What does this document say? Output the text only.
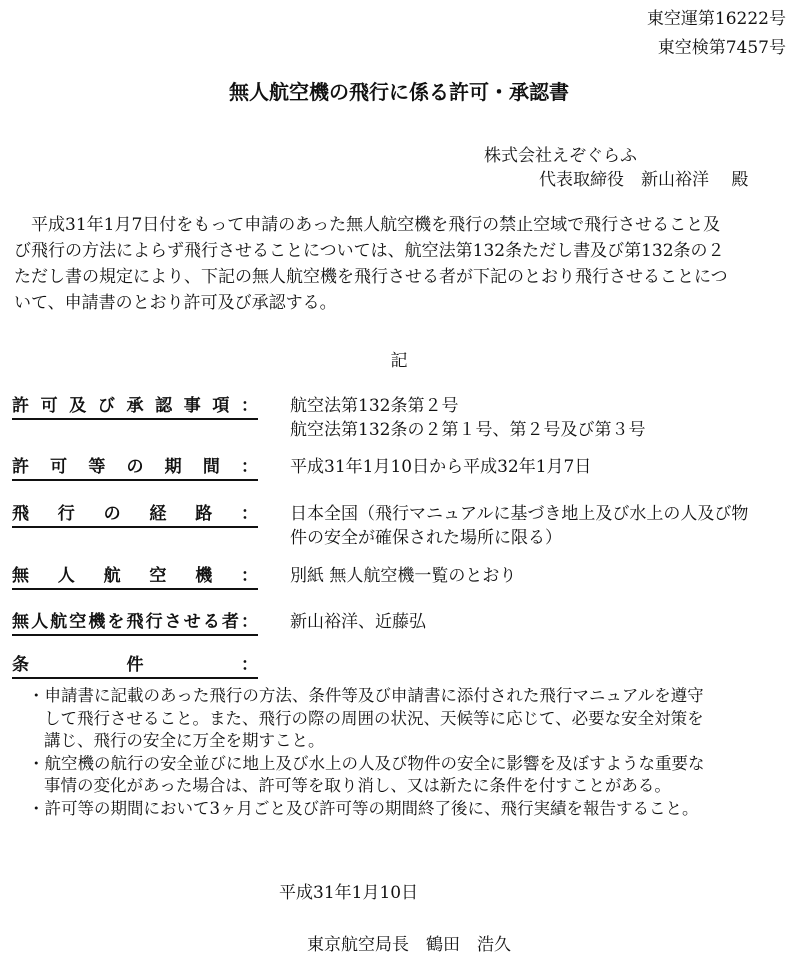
東空運第16222号
東空検第7457号
無人航空機の飛行に係る許可・承認書
株式会社えぞぐらふ
代表取締役　新山裕洋　 殿
　平成31年1月7日付をもって申請のあった無人航空機を飛行の禁止空域で飛行させること及
び飛行の方法によらず飛行させることについては、航空法第132条ただし書及び第132条の２
ただし書の規定により、下記の無人航空機を飛行させる者が下記のとおり飛行させることにつ
いて、申請書のとおり許可及び承認する。
記
許可及び承認事項： 航空法第132条第２号
航空法第132条の２第１号、第２号及び第３号
許可等の期間： 平成31年1月10日から平成32年1月7日
飛行の経路： 日本全国（飛行マニュアルに基づき地上及び水上の人及び物
件の安全が確保された場所に限る）
無人航空機： 別紙 無人航空機一覧のとおり
無人航空機を飛行させる者： 新山裕洋、近藤弘
条件：
・申請書に記載のあった飛行の方法、条件等及び申請書に添付された飛行マニュアルを遵守
して飛行させること。また、飛行の際の周囲の状況、天候等に応じて、必要な安全対策を
講じ、飛行の安全に万全を期すこと。
・航空機の航行の安全並びに地上及び水上の人及び物件の安全に影響を及ぼすような重要な
事情の変化があった場合は、許可等を取り消し、又は新たに条件を付すことがある。
・許可等の期間において3ヶ月ごと及び許可等の期間終了後に、飛行実績を報告すること。
平成31年1月10日
東京航空局長　鶴田　浩久
